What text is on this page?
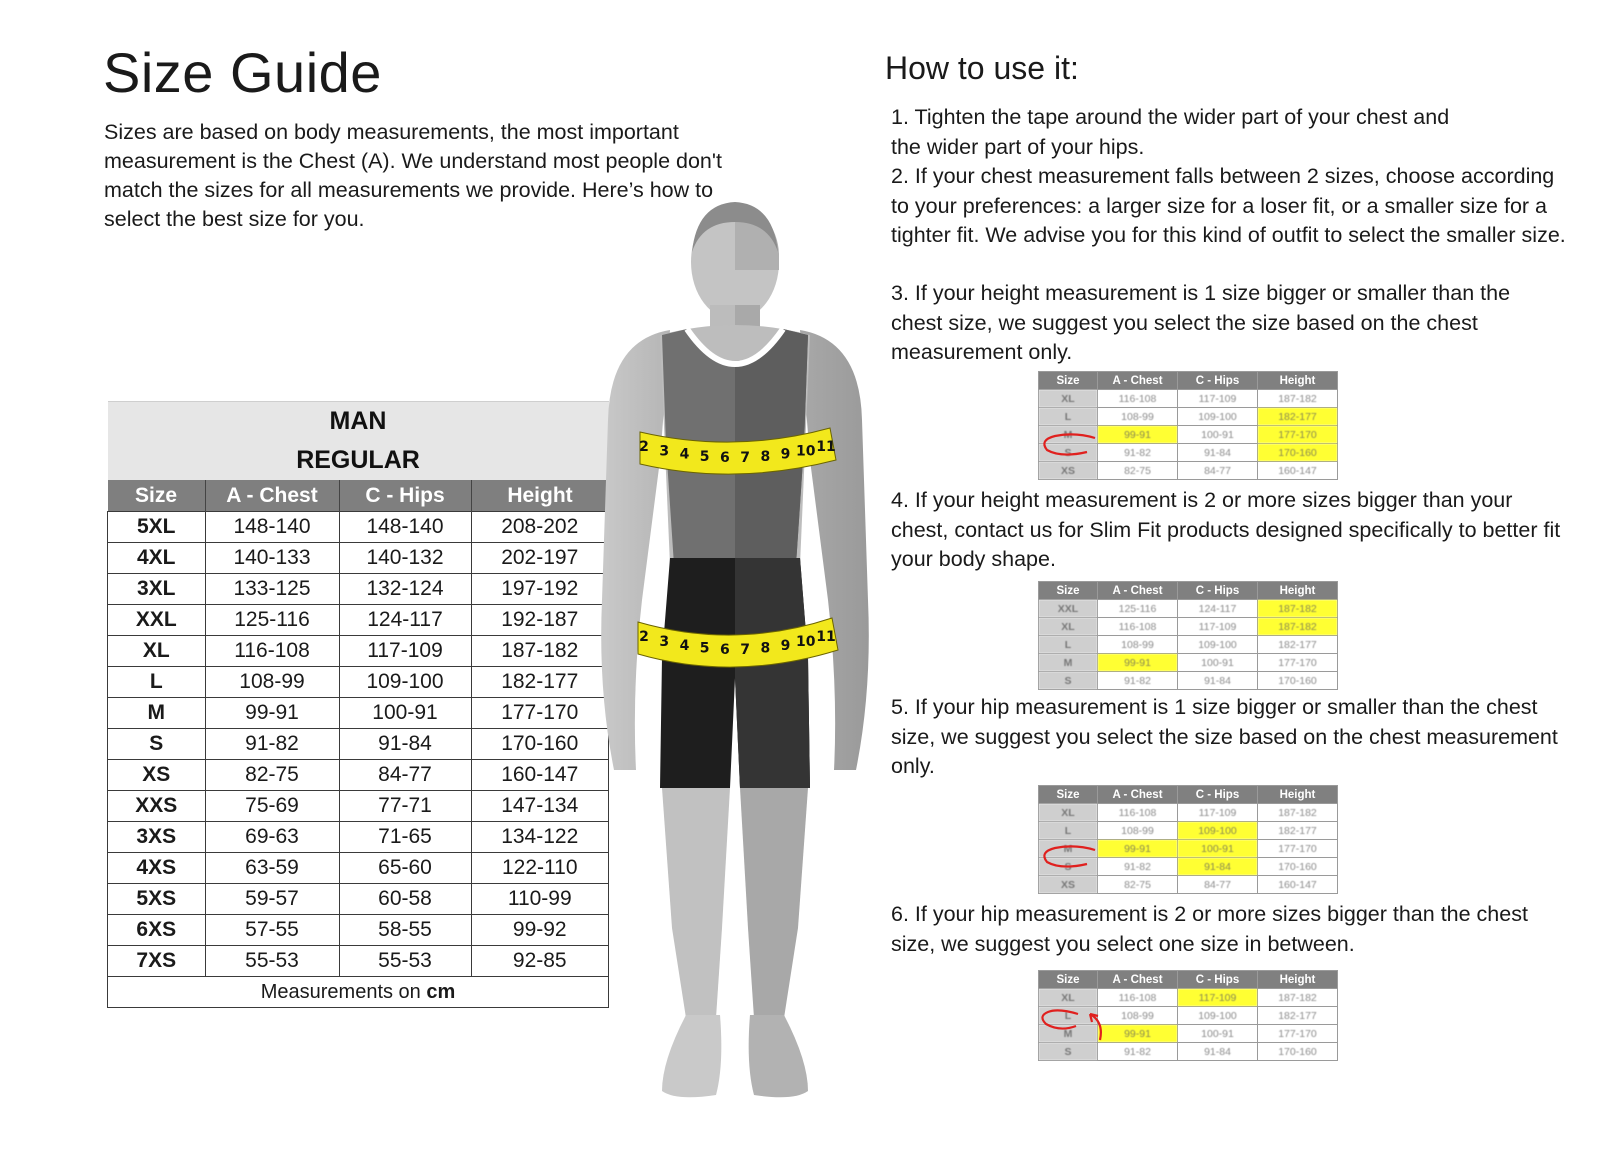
Size Guide

Sizes are based on body measurements, the most important measurement is the Chest (A). We understand most people don't match the sizes for all measurements we provide. Here’s how to select the best size for you.

MAN			
REGULAR			
Size	A - Chest	C - Hips	Height
5XL	148-140	148-140	208-202
4XL	140-133	140-132	202-197
3XL	133-125	132-124	197-192
XXL	125-116	124-117	192-187
XL	116-108	117-109	187-182
L	108-99	109-100	182-177
M	99-91	100-91	177-170
S	91-82	91-84	170-160
XS	82-75	84-77	160-147
XXS	75-69	77-71	147-134
3XS	69-63	71-65	134-122
4XS	63-59	65-60	122-110
5XS	59-57	60-58	110-99
6XS	57-55	58-55	99-92
7XS	55-53	55-53	92-85
Measurements on cm			
2 3 4 5 6 7 8 9 10 11
2 3 4 5 6 7 8 9 10 11
How to use it:

1. Tighten the tape around the wider part of your chest and the wider part of your hips.

2. If your chest measurement falls between 2 sizes, choose according to your preferences: a larger size for a loser fit, or a smaller size for a tighter fit. We advise you for this kind of outfit to select the smaller size.

3. If your height measurement is 1 size bigger or smaller than the chest size, we suggest you select the size based on the chest measurement only.

Size	A - Chest	C - Hips	Height
XL	116-108	117-109	187-182
L	108-99	109-100	182-177
M	99-91	100-91	177-170
S	91-82	91-84	170-160
XS	82-75	84-77	160-147

4. If your height measurement is 2 or more sizes bigger than your chest, contact us for Slim Fit products designed specifically to better fit your body shape.

Size	A - Chest	C - Hips	Height
XXL	125-116	124-117	187-182
XL	116-108	117-109	187-182
L	108-99	109-100	182-177
M	99-91	100-91	177-170
S	91-82	91-84	170-160

5. If your hip measurement is 1 size bigger or smaller than the chest size, we suggest you select the size based on the chest measurement only.

Size	A - Chest	C - Hips	Height
XL	116-108	117-109	187-182
L	108-99	109-100	182-177
M	99-91	100-91	177-170
S	91-82	91-84	170-160
XS	82-75	84-77	160-147

6. If your hip measurement is 2 or more sizes bigger than the chest size, we suggest you select one size in between.

Size	A - Chest	C - Hips	Height
XL	116-108	117-109	187-182
L	108-99	109-100	182-177
M	99-91	100-91	177-170
S	91-82	91-84	170-160
